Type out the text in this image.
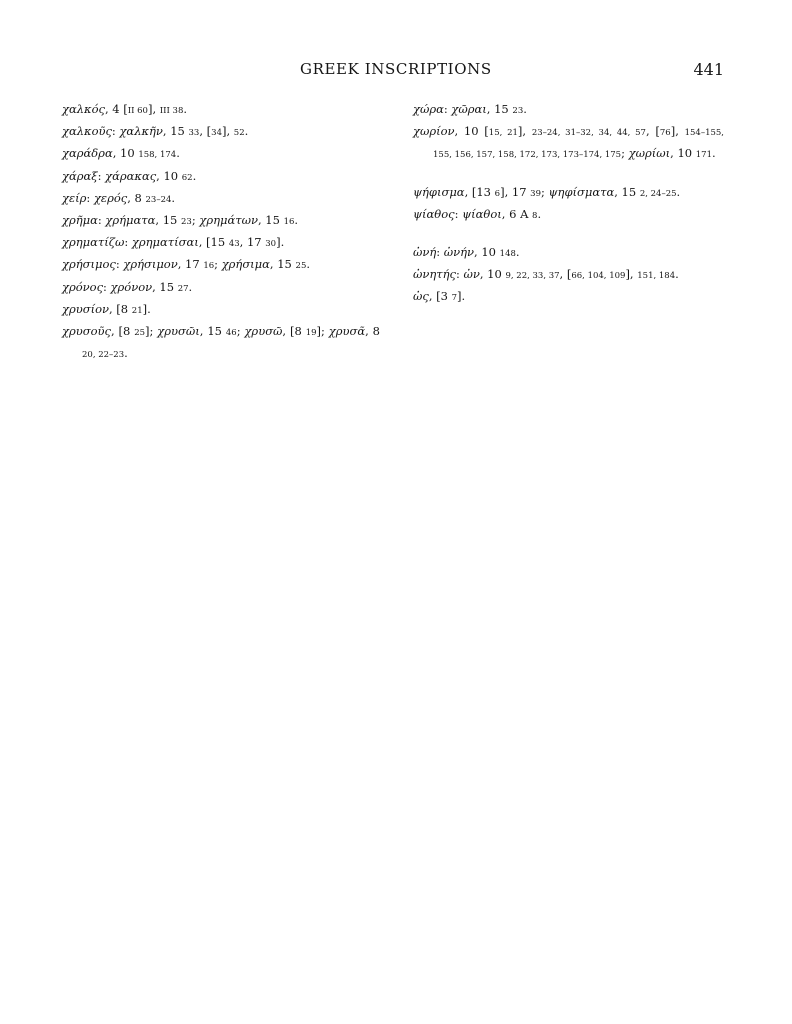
GREEK INSCRIPTIONS	441
χαλκός, 4 [II 60], III 38.
χαλκοῦς: χαλκῆν, 15 33, [34], 52.
χαράδρα, 10 158, 174.
χάραξ: χάρακας, 10 62.
χείρ: χερός, 8 23–24.
χρῆμα: χρήματα, 15 23; χρημάτων, 15 16.
χρηματίζω: χρηματίσαι, [15 43, 17 30].
χρήσιμος: χρήσιμον, 17 16; χρήσιμα, 15 25.
χρόνος: χρόνον, 15 27.
χρυσίον, [8 21].
χρυσοῦς, [8 25]; χρυσῶι, 15 46; χρυσῶ, [8 19]; χρυσᾶ, 8 20, 22–23.
χώρα: χῶραι, 15 23.
χωρίον, 10 [15, 21], 23–24, 31–32, 34, 44, 57, [76], 154–155, 155, 156, 157, 158, 172, 173, 173–174, 175; χωρίωι, 10 171.
ψήφισμα, [13 6], 17 39; ψηφίσματα, 15 2, 24–25.
ψίαθος: ψίαθοι, 6 A 8.
ὠνή: ὠνήν, 10 148.
ὠνητής: ὠν, 10 9, 22, 33, 37, [66, 104, 109], 151, 184.
ὡς, [3 7].
